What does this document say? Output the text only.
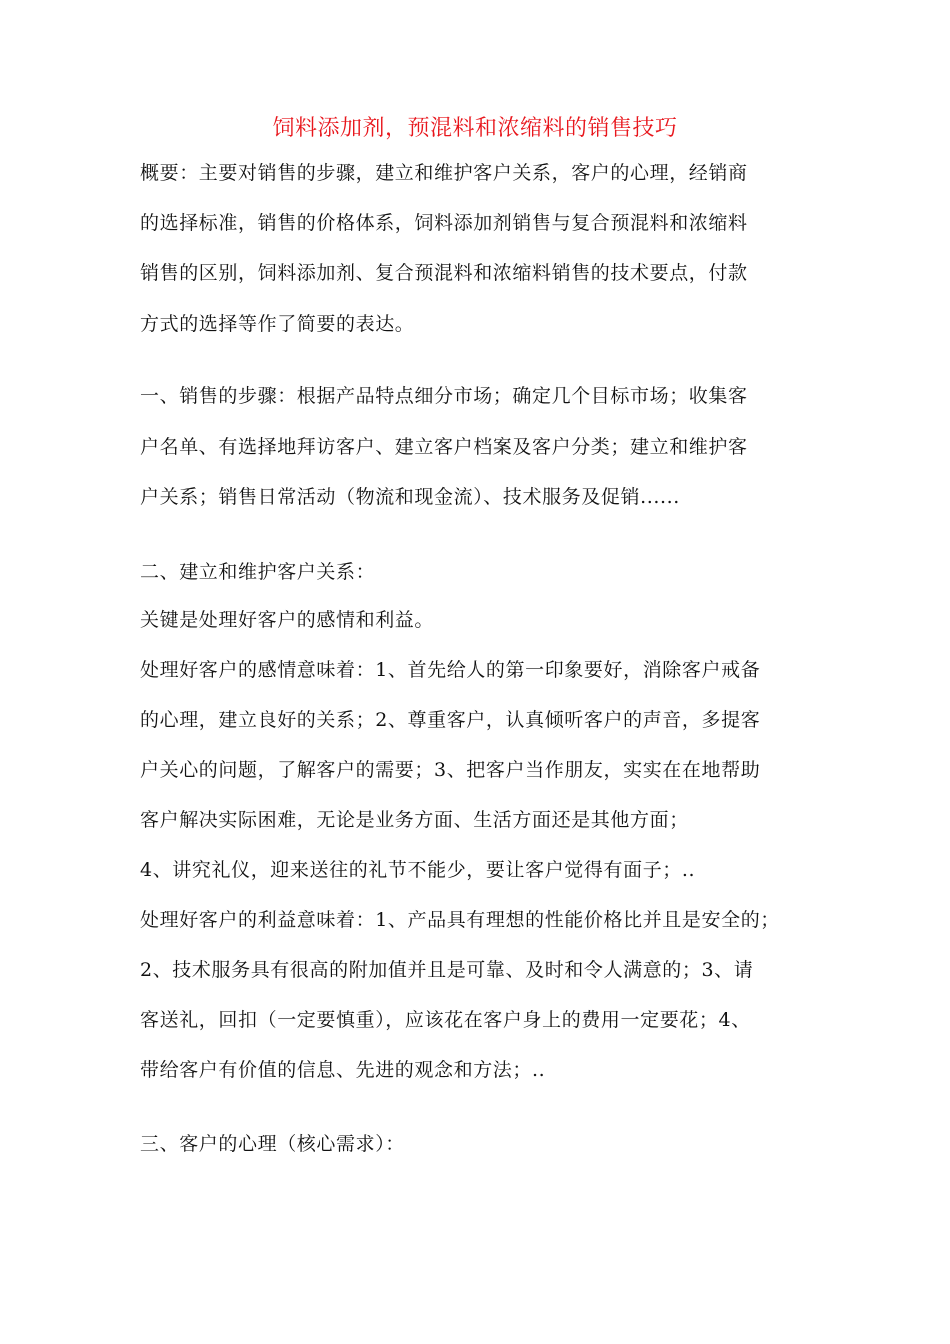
饲料添加剂，预混料和浓缩料的销售技巧
概要：主要对销售的步骤，建立和维护客户关系，客户的心理，经销商
的选择标准，销售的价格体系，饲料添加剂销售与复合预混料和浓缩料
销售的区别，饲料添加剂、复合预混料和浓缩料销售的技术要点，付款
方式的选择等作了简要的表达。
一、销售的步骤：根据产品特点细分市场；确定几个目标市场；收集客
户名单、有选择地拜访客户、建立客户档案及客户分类；建立和维护客
户关系；销售日常活动（物流和现金流）、技术服务及促销......
二、建立和维护客户关系：
关键是处理好客户的感情和利益。
处理好客户的感情意味着：1、首先给人的第一印象要好，消除客户戒备
的心理，建立良好的关系；2、尊重客户，认真倾听客户的声音，多提客
户关心的问题，了解客户的需要；3、把客户当作朋友，实实在在地帮助
客户解决实际困难，无论是业务方面、生活方面还是其他方面；
4、讲究礼仪，迎来送往的礼节不能少，要让客户觉得有面子；..
处理好客户的利益意味着：1、产品具有理想的性能价格比并且是安全的；
2、技术服务具有很高的附加值并且是可靠、及时和令人满意的；3、请
客送礼，回扣（一定要慎重），应该花在客户身上的费用一定要花；4、
带给客户有价值的信息、先进的观念和方法；..
三、客户的心理（核心需求）：
